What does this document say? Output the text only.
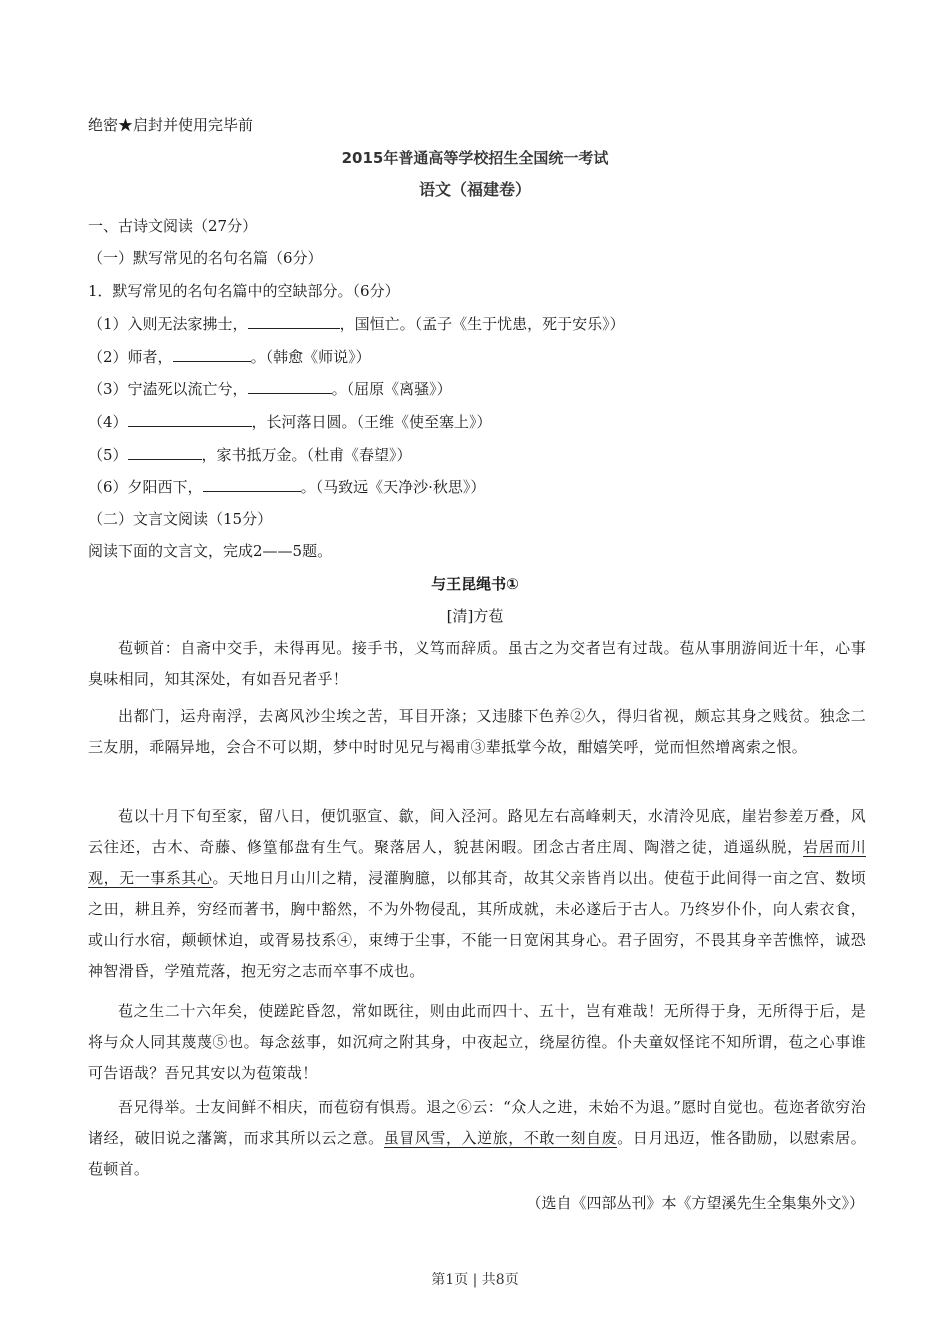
绝密★启封并使用完毕前
2015年普通高等学校招生全国统一考试
语文（福建卷）
一、古诗文阅读（27分）
（一）默写常见的名句名篇（6分）
1．默写常见的名句名篇中的空缺部分。（6分）
（1）入则无法家拂士，	，国恒亡。（孟子《生于忧患，死于安乐》）
（2）师者，	。（韩愈《师说》）
（3）宁溘死以流亡兮，	。（屈原《离骚》）
（4）	，长河落日圆。（王维《使至塞上》）
（5）	，家书抵万金。（杜甫《春望》）
（6）夕阳西下，	。（马致远《天净沙·秋思》）
（二）文言文阅读（15分）
阅读下面的文言文，完成2——5题。
与王昆绳书①
[清]方苞
苞顿首：自斋中交手，未得再见。接手书，义笃而辞质。虽古之为交者岂有过哉。苞从事朋游间近十年，心事臭味相同，知其深处，有如吾兄者乎！
出都门，运舟南浮，去离风沙尘埃之苦，耳目开涤；又违膝下色养②久，得归省视，颇忘其身之贱贫。独念二三友朋，乖隔异地，会合不可以期，梦中时时见兄与褐甫③辈抵掌今故，酣嬉笑呼，觉而怛然增离索之恨。
苞以十月下旬至家，留八日，便饥驱宣、歙，间入泾河。路见左右高峰刺天，水清泠见底，崖岩参差万叠，风云往还，古木、奇藤、修篁郁盘有生气。聚落居人，貌甚闲暇。团念古者庄周、陶潜之徒，逍遥纵脱，岩居而川观，无一事系其心。天地日月山川之精，浸灌胸臆，以郁其奇，故其父亲皆肖以出。使苞于此间得一亩之宫、数顷之田，耕且养，穷经而著书，胸中豁然，不为外物侵乱，其所成就，未必遂后于古人。乃终岁仆仆，向人索衣食，或山行水宿，颠顿怵迫，或胥易技系④，束缚于尘事，不能一日宽闲其身心。君子固穷，不畏其身辛苦憔悴，诚恐神智滑昏，学殖荒落，抱无穷之志而卒事不成也。
苞之生二十六年矣，使蹉跎昏忽，常如既往，则由此而四十、五十，岂有难哉！无所得于身，无所得于后，是将与众人同其蔑蔑⑤也。每念兹事，如沉疴之附其身，中夜起立，绕屋彷徨。仆夫童奴怪诧不知所谓，苞之心事谁可告语哉？吾兄其安以为苞策哉！
吾兄得举。士友间鲜不相庆，而苞窃有惧焉。退之⑥云：“众人之进，未始不为退。”愿时自觉也。苞迩者欲穷治诸经，破旧说之藩篱，而求其所以云之意。虽冒风雪，入逆旅，不敢一刻自废。日月迅迈，惟各勖励，以慰索居。苞顿首。
（选自《四部丛刊》本《方望溪先生全集集外文》）
第1页 | 共8页
